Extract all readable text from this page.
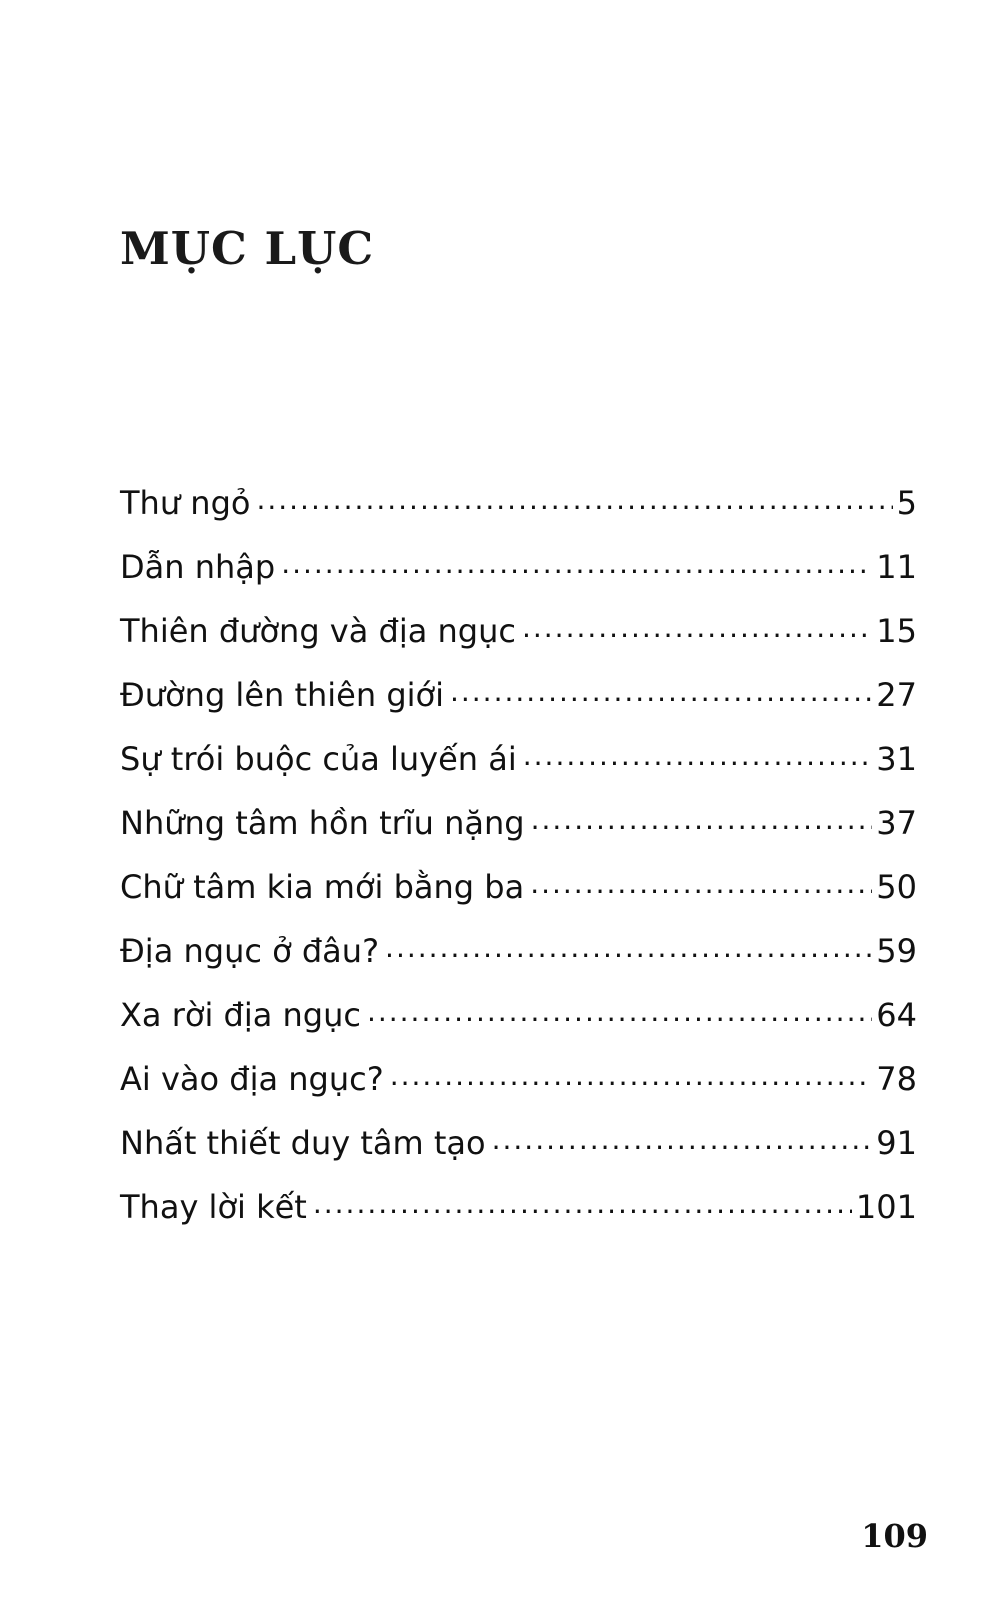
MỤC LỤC
Thư ngỏ .....	5
Dẫn nhập .....	11
Thiên đường và địa ngục .....	15
Đường lên thiên giới .....	27
Sự trói buộc của luyến ái .....	31
Những tâm hồn trĩu nặng .....	37
Chữ tâm kia mới bằng ba .....	50
Địa ngục ở đâu? .....	59
Xa rời địa ngục .....	64
Ai vào địa ngục? .....	78
Nhất thiết duy tâm tạo .....	91
Thay lời kết .....	101

109
